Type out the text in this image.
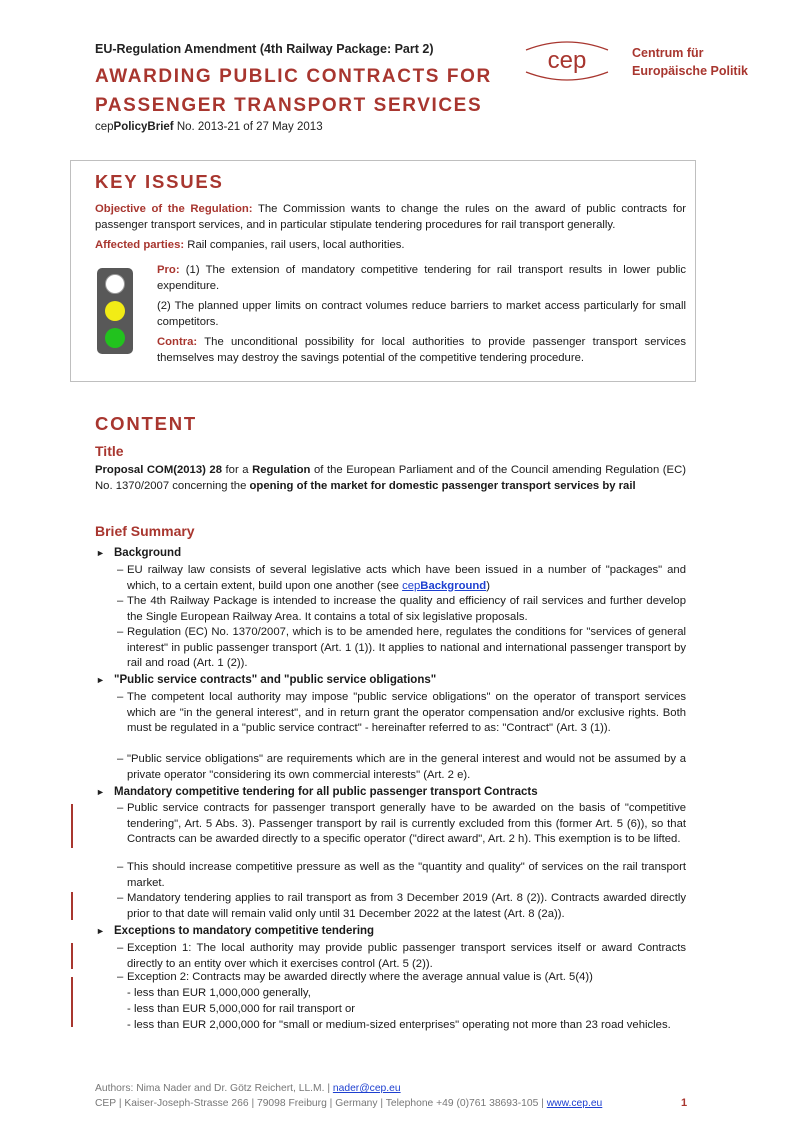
EU-Regulation Amendment (4th Railway Package: Part 2)
AWARDING PUBLIC CONTRACTS FOR PASSENGER TRANSPORT SERVICES
cepPolicyBrief No. 2013-21 of 27 May 2013
cep	Centrum für
Europäische Politik
KEY ISSUES
Objective of the Regulation: The Commission wants to change the rules on the award of public contracts for passenger transport services, and in particular stipulate tendering procedures for rail transport generally.
Affected parties: Rail companies, rail users, local authorities.
Pro: (1) The extension of mandatory competitive tendering for rail transport results in lower public expenditure.
(2) The planned upper limits on contract volumes reduce barriers to market access particularly for small competitors.
Contra: The unconditional possibility for local authorities to provide passenger transport services themselves may destroy the savings potential of the competitive tendering procedure.
CONTENT
Title
Proposal COM(2013) 28 for a Regulation of the European Parliament and of the Council amending Regulation (EC) No. 1370/2007 concerning the opening of the market for domestic passenger transport services by rail
Brief Summary
► Background
– EU railway law consists of several legislative acts which have been issued in a number of "packages" and which, to a certain extent, build upon one another (see cepBackground)
– The 4th Railway Package is intended to increase the quality and efficiency of rail services and further develop the Single European Railway Area. It contains a total of six legislative proposals.
– Regulation (EC) No. 1370/2007, which is to be amended here, regulates the conditions for "services of general interest" in public passenger transport (Art. 1 (1)). It applies to national and international passenger transport by rail and road (Art. 1 (2)).
► "Public service contracts" and "public service obligations"
– The competent local authority may impose "public service obligations" on the operator of transport services which are "in the general interest", and in return grant the operator compensation and/or exclusive rights. Both must be regulated in a "public service contract" - hereinafter referred to as: "Contract" (Art. 3 (1)).
– "Public service obligations" are requirements which are in the general interest and would not be assumed by a private operator "considering its own commercial interests" (Art. 2 e).
► Mandatory competitive tendering for all public passenger transport Contracts
– Public service contracts for passenger transport generally have to be awarded on the basis of "competitive tendering", Art. 5 Abs. 3). Passenger transport by rail is currently excluded from this (former Art. 5 (6)), so that Contracts can be awarded directly to a specific operator ("direct award", Art. 2 h). This exemption is to be lifted.
– This should increase competitive pressure as well as the "quantity and quality" of services on the rail transport market.
– Mandatory tendering applies to rail transport as from 3 December 2019 (Art. 8 (2)). Contracts awarded directly prior to that date will remain valid only until 31 December 2022 at the latest (Art. 8 (2a)).
► Exceptions to mandatory competitive tendering
– Exception 1: The local authority may provide public passenger transport services itself or award Contracts directly to an entity over which it exercises control (Art. 5 (2)).
– Exception 2: Contracts may be awarded directly where the average annual value is (Art. 5(4))
- less than EUR 1,000,000 generally,
- less than EUR 5,000,000 for rail transport or
- less than EUR 2,000,000 for "small or medium-sized enterprises" operating not more than 23 road vehicles.
Authors: Nima Nader and Dr. Götz Reichert, LL.M. | nader@cep.eu
CEP | Kaiser-Joseph-Strasse 266 | 79098 Freiburg | Germany | Telephone +49 (0)761 38693-105 | www.cep.eu	1
